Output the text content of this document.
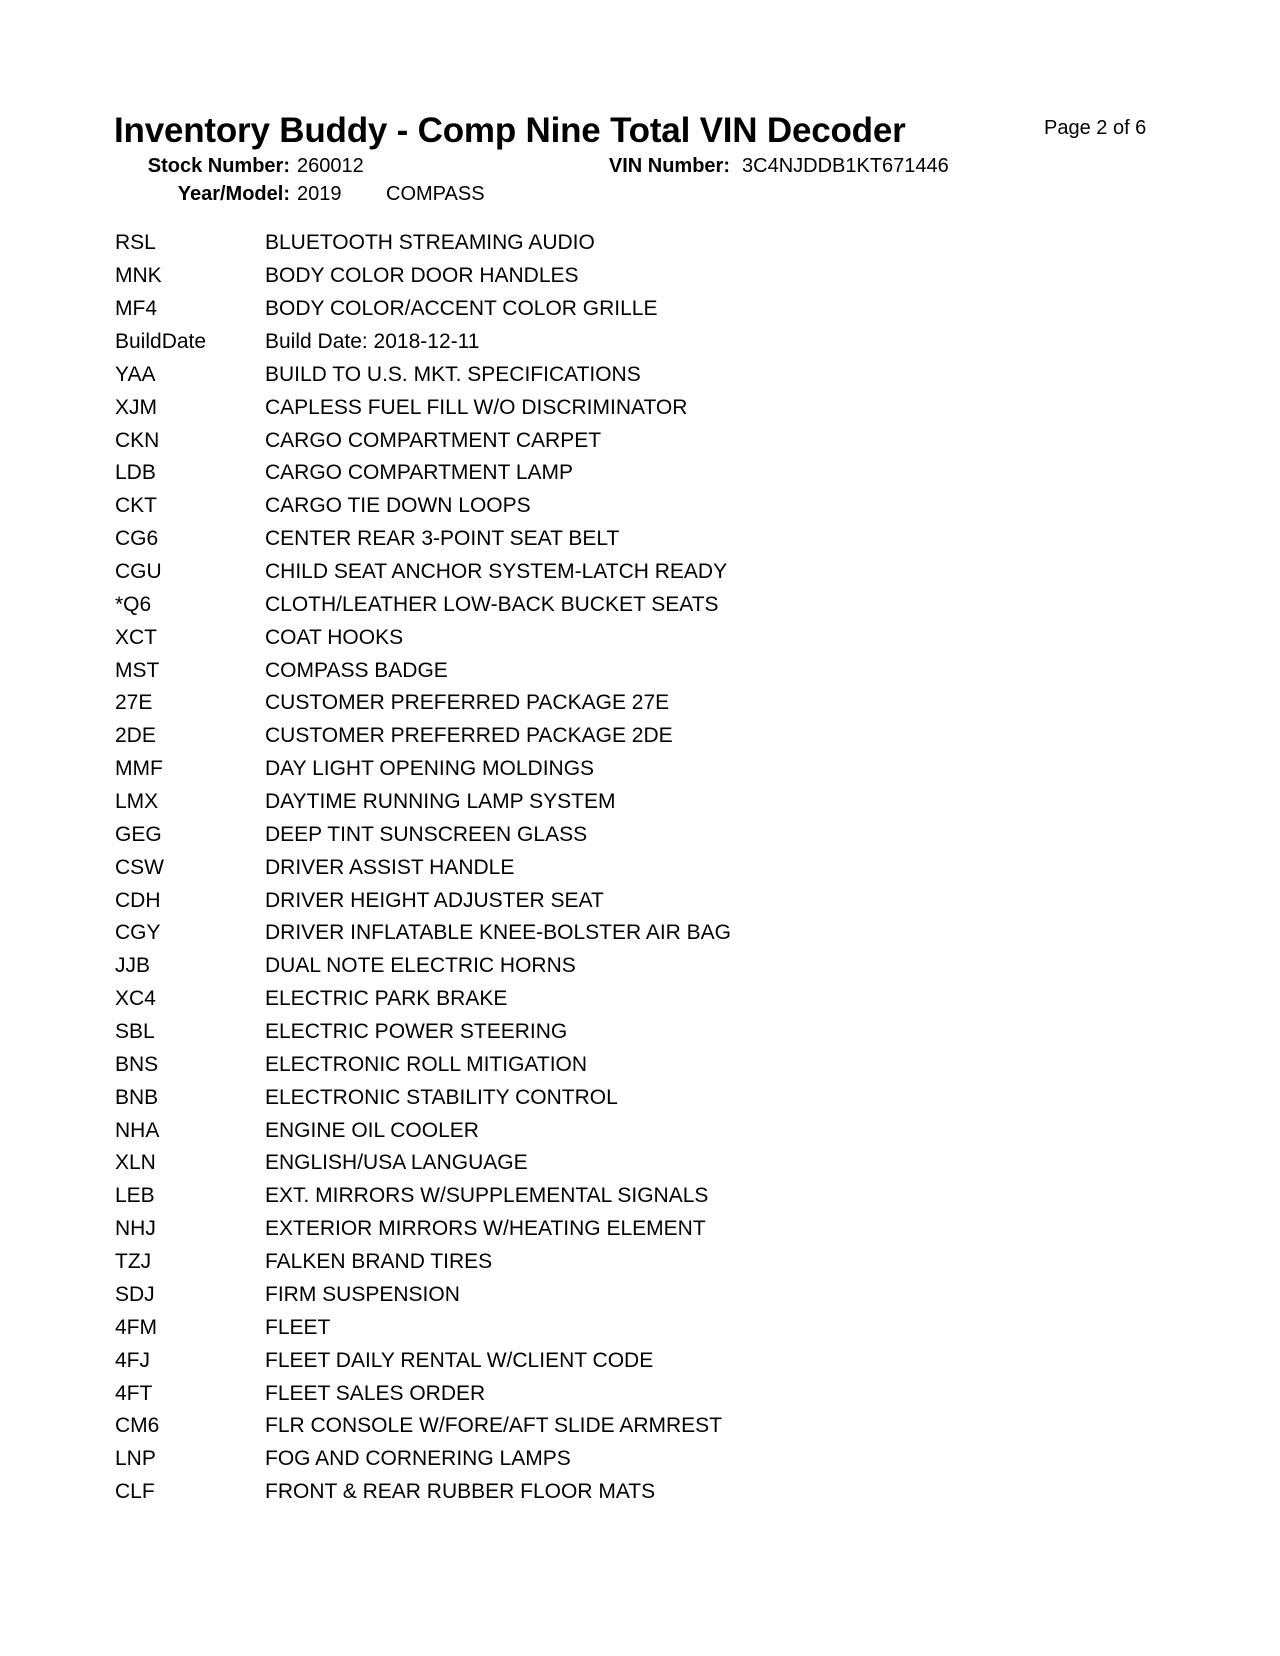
Inventory Buddy - Comp Nine Total VIN Decoder	Page 2 of 6
Stock Number: 260012	VIN Number: 3C4NJDDB1KT671446
Year/Model: 2019 COMPASS
RSL	BLUETOOTH STREAMING AUDIO
MNK	BODY COLOR DOOR HANDLES
MF4	BODY COLOR/ACCENT COLOR GRILLE
BuildDate	Build Date: 2018-12-11
YAA	BUILD TO U.S. MKT. SPECIFICATIONS
XJM	CAPLESS FUEL FILL W/O DISCRIMINATOR
CKN	CARGO COMPARTMENT CARPET
LDB	CARGO COMPARTMENT LAMP
CKT	CARGO TIE DOWN LOOPS
CG6	CENTER REAR 3-POINT SEAT BELT
CGU	CHILD SEAT ANCHOR SYSTEM-LATCH READY
*Q6	CLOTH/LEATHER LOW-BACK BUCKET SEATS
XCT	COAT HOOKS
MST	COMPASS BADGE
27E	CUSTOMER PREFERRED PACKAGE 27E
2DE	CUSTOMER PREFERRED PACKAGE 2DE
MMF	DAY LIGHT OPENING MOLDINGS
LMX	DAYTIME RUNNING LAMP SYSTEM
GEG	DEEP TINT SUNSCREEN GLASS
CSW	DRIVER ASSIST HANDLE
CDH	DRIVER HEIGHT ADJUSTER SEAT
CGY	DRIVER INFLATABLE KNEE-BOLSTER AIR BAG
JJB	DUAL NOTE ELECTRIC HORNS
XC4	ELECTRIC PARK BRAKE
SBL	ELECTRIC POWER STEERING
BNS	ELECTRONIC ROLL MITIGATION
BNB	ELECTRONIC STABILITY CONTROL
NHA	ENGINE OIL COOLER
XLN	ENGLISH/USA LANGUAGE
LEB	EXT. MIRRORS W/SUPPLEMENTAL SIGNALS
NHJ	EXTERIOR MIRRORS W/HEATING ELEMENT
TZJ	FALKEN BRAND TIRES
SDJ	FIRM SUSPENSION
4FM	FLEET
4FJ	FLEET DAILY RENTAL W/CLIENT CODE
4FT	FLEET SALES ORDER
CM6	FLR CONSOLE W/FORE/AFT SLIDE ARMREST
LNP	FOG AND CORNERING LAMPS
CLF	FRONT & REAR RUBBER FLOOR MATS
